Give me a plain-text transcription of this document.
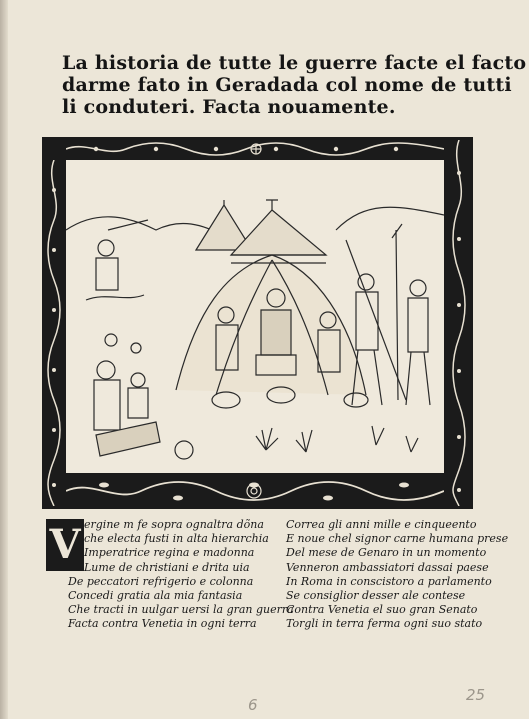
La historia de tutte le guerre facte el facto
darme fato in Geradada col nome de tutti
li conduteri. Facta nouamente.
V ergine m fe sopra ognaltra dõna
che electa fusti in alta hierarchia
Imperatrice regina e madonna
Lume de christiani e drita uia
De peccatori refrigerio e colonna
Concedi gratia ala mia fantasia
Che tracti in uulgar uersi la gran guerra
Facta contra Venetia in ogni terra
Correa gli anni mille e cinqueento
E noue chel signor carne humana prese
Del mese de Genaro in un momento
Venneron ambassiatori dassai paese
In Roma in conscistoro a parlamento
Se consiglior desser ale contese
Contra Venetia el suo gran Senato
Torgli in terra ferma ogni suo stato
6
25
